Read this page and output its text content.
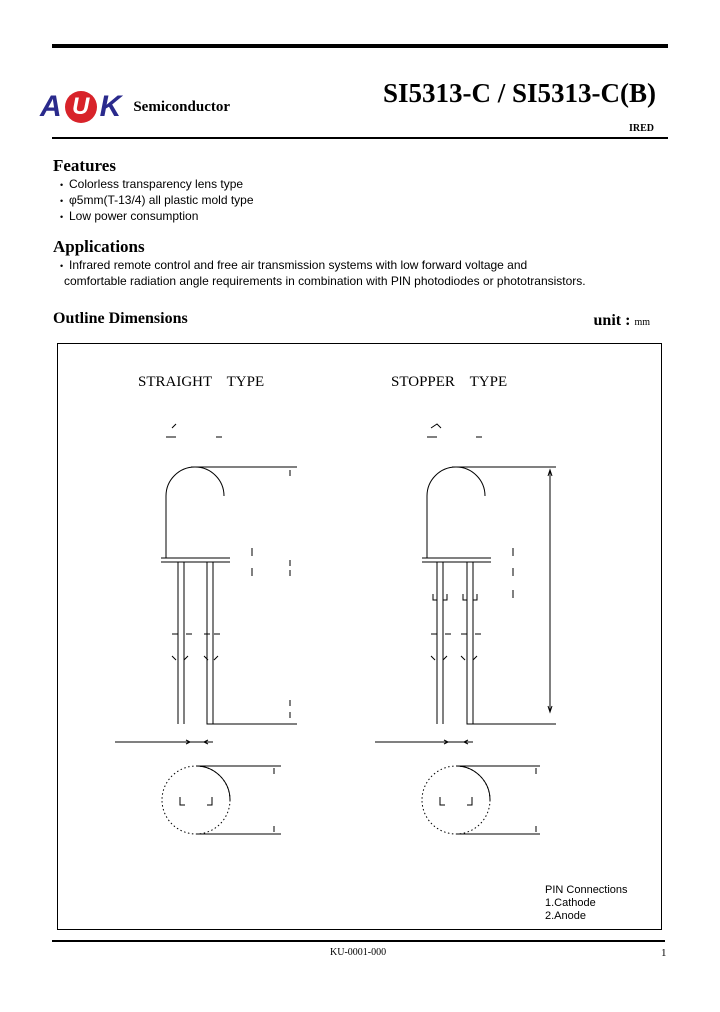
A U K Semiconductor	SI5313-C / SI5313-C(B)
IRED
Features
• Colorless transparency lens type
• φ5mm(T-13/4) all plastic mold type
• Low power consumption
Applications
• Infrared remote control and free air transmission systems with low forward voltage and
comfortable radiation angle requirements in combination with PIN photodiodes or phototransistors.
Outline Dimensions	unit : mm
STRAIGHT    TYPE	STOPPER    TYPE
PIN Connections
1.Cathode
2.Anode
KU-0001-000	1
